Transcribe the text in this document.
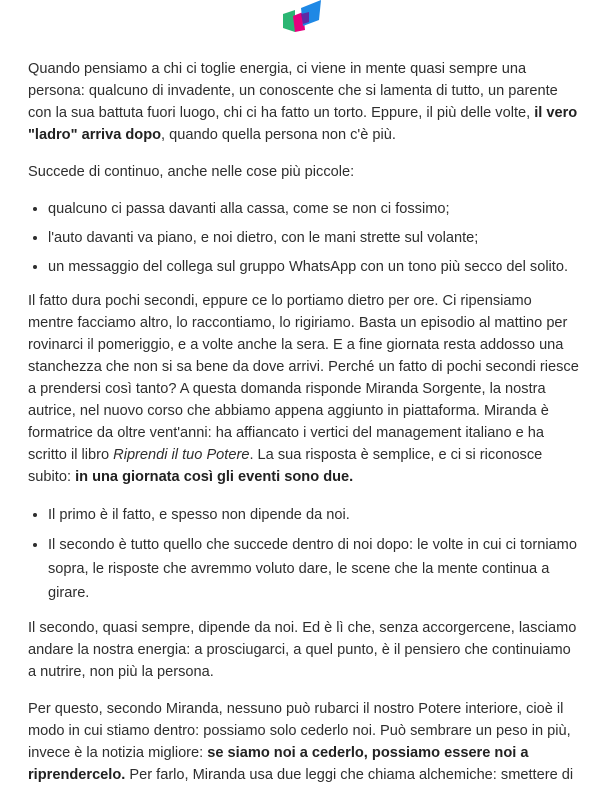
Quando pensiamo a chi ci toglie energia, ci viene in mente quasi sempre una persona: qualcuno di invadente, un conoscente che si lamenta di tutto, un parente con la sua battuta fuori luogo, chi ci ha fatto un torto. Eppure, il più delle volte, il vero "ladro" arriva dopo, quando quella persona non c'è più.

Succede di continuo, anche nelle cose più piccole:

• qualcuno ci passa davanti alla cassa, come se non ci fossimo;
• l'auto davanti va piano, e noi dietro, con le mani strette sul volante;
• un messaggio del collega sul gruppo WhatsApp con un tono più secco del solito.

Il fatto dura pochi secondi, eppure ce lo portiamo dietro per ore. Ci ripensiamo mentre facciamo altro, lo raccontiamo, lo rigiriamo. Basta un episodio al mattino per rovinarci il pomeriggio, e a volte anche la sera. E a fine giornata resta addosso una stanchezza che non si sa bene da dove arrivi. Perché un fatto di pochi secondi riesce a prendersi così tanto? A questa domanda risponde Miranda Sorgente, la nostra autrice, nel nuovo corso che abbiamo appena aggiunto in piattaforma. Miranda è formatrice da oltre vent'anni: ha affiancato i vertici del management italiano e ha scritto il libro Riprendi il tuo Potere. La sua risposta è semplice, e ci si riconosce subito: in una giornata così gli eventi sono due.

• Il primo è il fatto, e spesso non dipende da noi.
• Il secondo è tutto quello che succede dentro di noi dopo: le volte in cui ci torniamo sopra, le risposte che avremmo voluto dare, le scene che la mente continua a girare.

Il secondo, quasi sempre, dipende da noi. Ed è lì che, senza accorgercene, lasciamo andare la nostra energia: a prosciugarci, a quel punto, è il pensiero che continuiamo a nutrire, non più la persona.

Per questo, secondo Miranda, nessuno può rubarci il nostro Potere interiore, cioè il modo in cui stiamo dentro: possiamo solo cederlo noi. Può sembrare un peso in più, invece è la notizia migliore: se siamo noi a cederlo, possiamo essere noi a riprendercelo. Per farlo, Miranda usa due leggi che chiama alchemiche: smettere di
